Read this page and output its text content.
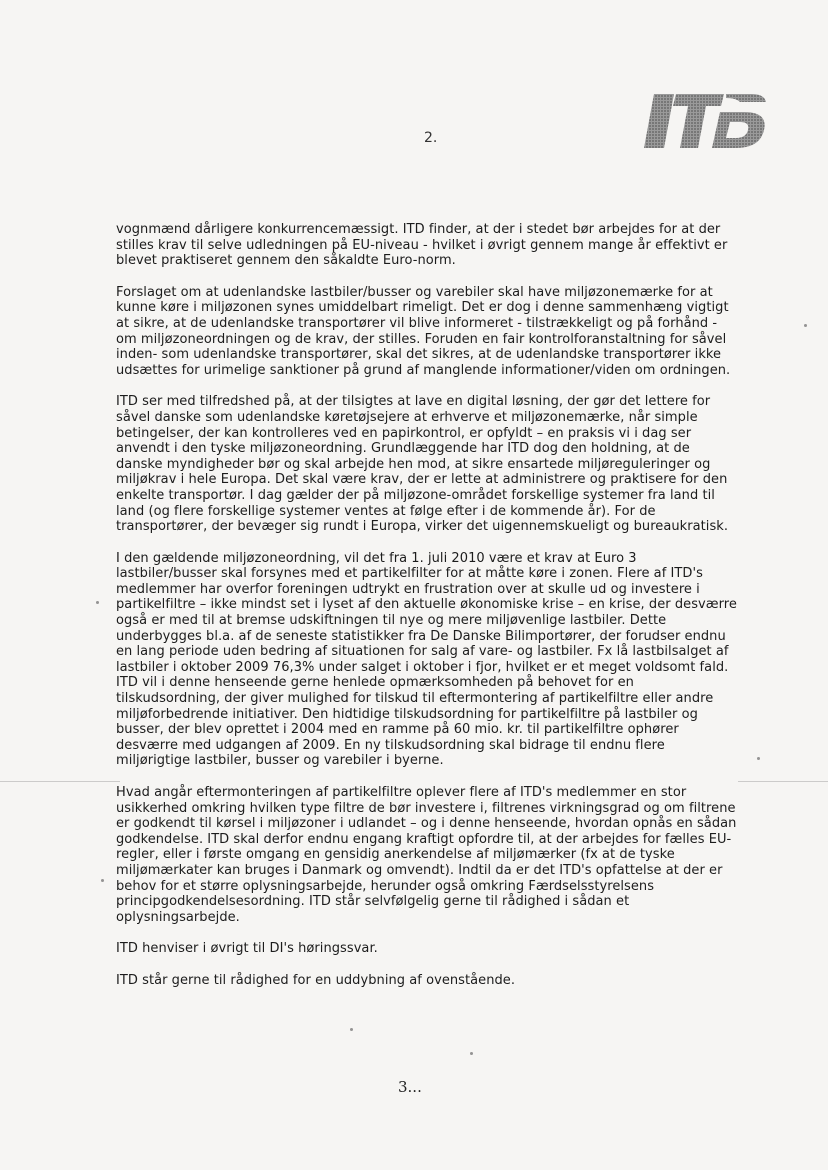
2.

vognmænd dårligere konkurrencemæssigt. ITD finder, at der i stedet bør arbejdes for at der stilles krav til selve udledningen på EU-niveau - hvilket i øvrigt gennem mange år effektivt er blevet praktiseret gennem den såkaldte Euro-norm.

Forslaget om at udenlandske lastbiler/busser og varebiler skal have miljøzonemærke for at kunne køre i miljøzonen synes umiddelbart rimeligt. Det er dog i denne sammenhæng vigtigt at sikre, at de udenlandske transportører vil blive informeret - tilstrækkeligt og på forhånd - om miljøzoneordningen og de krav, der stilles. Foruden en fair kontrolforanstaltning for såvel inden- som udenlandske transportører, skal det sikres, at de udenlandske transportører ikke udsættes for urimelige sanktioner på grund af manglende informationer/viden om ordningen.

ITD ser med tilfredshed på, at der tilsigtes at lave en digital løsning, der gør det lettere for såvel danske som udenlandske køretøjsejere at erhverve et miljøzonemærke, når simple betingelser, der kan kontrolleres ved en papirkontrol, er opfyldt – en praksis vi i dag ser anvendt i den tyske miljøzoneordning. Grundlæggende har ITD dog den holdning, at de danske myndigheder bør og skal arbejde hen mod, at sikre ensartede miljøreguleringer og miljøkrav i hele Europa. Det skal være krav, der er lette at administrere og praktisere for den enkelte transportør. I dag gælder der på miljøzone-området forskellige systemer fra land til land (og flere forskellige systemer ventes at følge efter i de kommende år). For de transportører, der bevæger sig rundt i Europa, virker det uigennemskueligt og bureaukratisk.

I den gældende miljøzoneordning, vil det fra 1. juli 2010 være et krav at Euro 3 lastbiler/busser skal forsynes med et partikelfilter for at måtte køre i zonen. Flere af ITD's medlemmer har overfor foreningen udtrykt en frustration over at skulle ud og investere i partikelfiltre – ikke mindst set i lyset af den aktuelle økonomiske krise – en krise, der desværre også er med til at bremse udskiftningen til nye og mere miljøvenlige lastbiler. Dette underbygges bl.a. af de seneste statistikker fra De Danske Bilimportører, der forudser endnu en lang periode uden bedring af situationen for salg af vare- og lastbiler. Fx lå lastbilsalget af lastbiler i oktober 2009 76,3% under salget i oktober i fjor, hvilket er et meget voldsomt fald. ITD vil i denne henseende gerne henlede opmærksomheden på behovet for en tilskudsordning, der giver mulighed for tilskud til eftermontering af partikelfiltre eller andre miljøforbedrende initiativer. Den hidtidige tilskudsordning for partikelfiltre på lastbiler og busser, der blev oprettet i 2004 med en ramme på 60 mio. kr. til partikelfiltre ophører desværre med udgangen af 2009. En ny tilskudsordning skal bidrage til endnu flere miljørigtige lastbiler, busser og varebiler i byerne.

Hvad angår eftermonteringen af partikelfiltre oplever flere af ITD's medlemmer en stor usikkerhed omkring hvilken type filtre de bør investere i, filtrenes virkningsgrad og om filtrene er godkendt til kørsel i miljøzoner i udlandet – og i denne henseende, hvordan opnås en sådan godkendelse. ITD skal derfor endnu engang kraftigt opfordre til, at der arbejdes for fælles EU-regler, eller i første omgang en gensidig anerkendelse af miljømærker (fx at de tyske miljømærkater kan bruges i Danmark og omvendt). Indtil da er det ITD's opfattelse at der er behov for et større oplysningsarbejde, herunder også omkring Færdselsstyrelsens principgodkendelsesordning. ITD står selvfølgelig gerne til rådighed i sådan et oplysningsarbejde.

ITD henviser i øvrigt til DI's høringssvar.

ITD står gerne til rådighed for en uddybning af ovenstående.

3...
